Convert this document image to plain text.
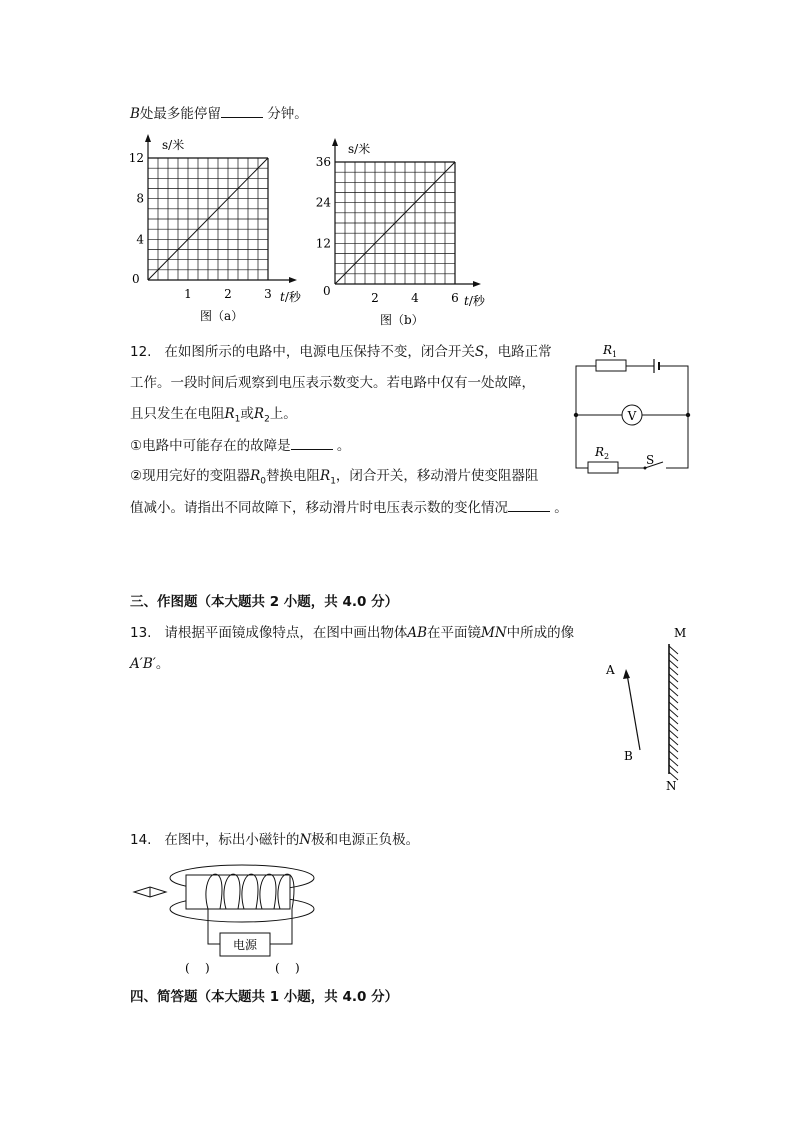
B处最多能停留	分钟。
s/米
0
4
8
12
1	2	3 t/秒
图（a）
s/米
0
12
24
36
2	4	6 t/秒
图（b）
12. 在如图所示的电路中，电源电压保持不变，闭合开关S，电路正常
工作。一段时间后观察到电压表示数变大。若电路中仅有一处故障，
且只发生在电阻$R_1$或$R_2$上。
①电路中可能存在的故障是	。
②现用完好的变阻器$R_0$替换电阻$R_1$，闭合开关，移动滑片使变阻器阻
值减小。请指出不同故障下，移动滑片时电压表示数的变化情况	。
$R_1$
V
$R_2$	S
三、作图题（本大题共 2 小题，共 4.0 分）
13. 请根据平面镜成像特点，在图中画出物体AB在平面镜MN中所成的像
A′B′。
M
N
A
B
14. 在图中，标出小磁针的N极和电源正负极。
电源
(    )	(    )
四、简答题（本大题共 1 小题，共 4.0 分）
